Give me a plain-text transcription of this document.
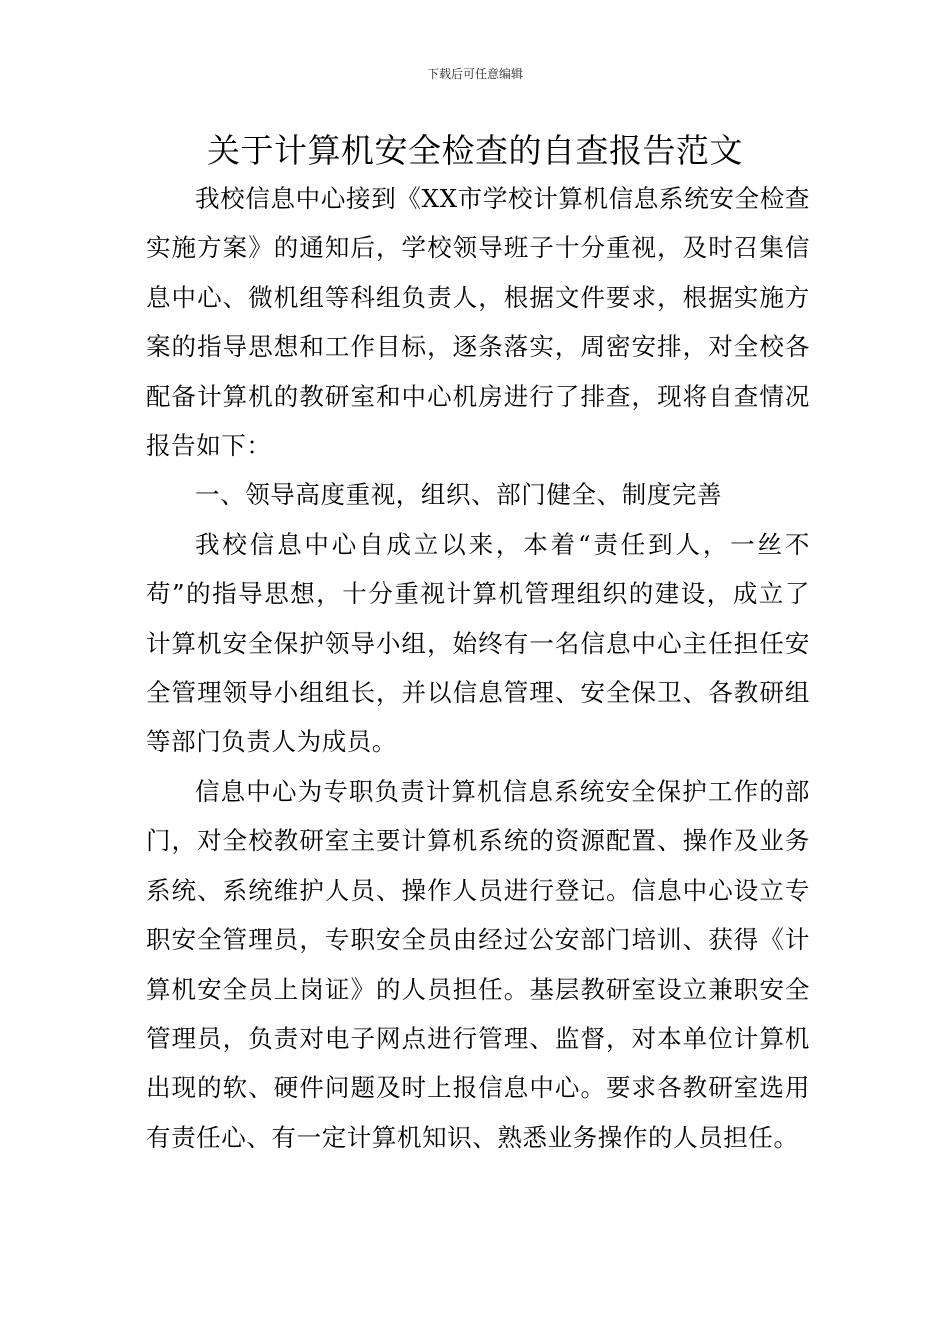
下载后可任意编辑
关于计算机安全检查的自查报告范文

我校信息中心接到《XX市学校计算机信息系统安全检查实施方案》的通知后，学校领导班子十分重视，及时召集信息中心、微机组等科组负责人，根据文件要求，根据实施方案的指导思想和工作目标，逐条落实，周密安排，对全校各配备计算机的教研室和中心机房进行了排查，现将自查情况报告如下：

一、领导高度重视，组织、部门健全、制度完善

我校信息中心自成立以来，本着“责任到人，一丝不苟”的指导思想，十分重视计算机管理组织的建设，成立了计算机安全保护领导小组，始终有一名信息中心主任担任安全管理领导小组组长，并以信息管理、安全保卫、各教研组等部门负责人为成员。

信息中心为专职负责计算机信息系统安全保护工作的部门，对全校教研室主要计算机系统的资源配置、操作及业务系统、系统维护人员、操作人员进行登记。信息中心设立专职安全管理员，专职安全员由经过公安部门培训、获得《计算机安全员上岗证》的人员担任。基层教研室设立兼职安全管理员，负责对电子网点进行管理、监督，对本单位计算机出现的软、硬件问题及时上报信息中心。要求各教研室选用有责任心、有一定计算机知识、熟悉业务操作的人员担任。
